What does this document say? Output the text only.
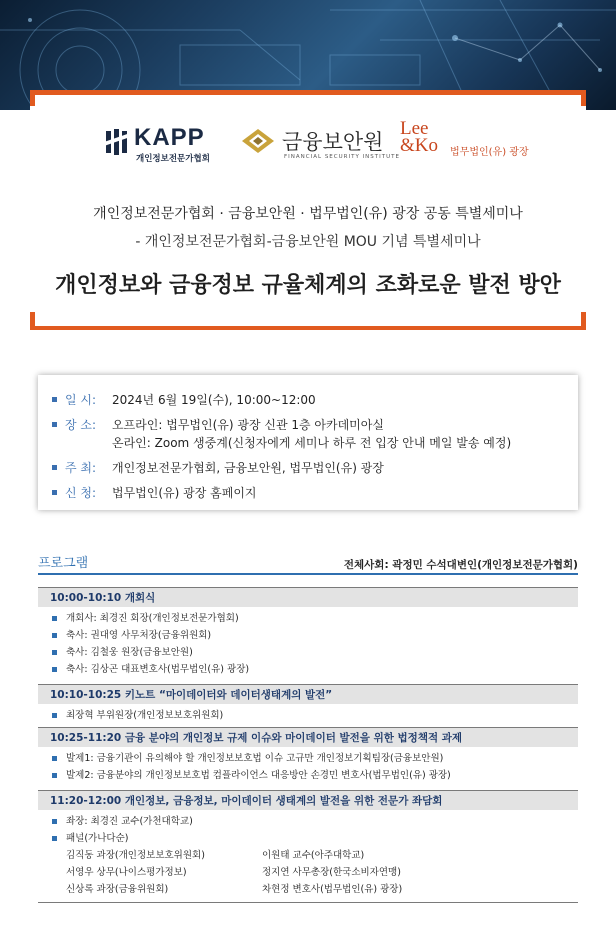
KAPP
개인정보전문가협회
금융보안원
FINANCIAL SECURITY INSTITUTE
Lee
&Ko 법무법인(유) 광장
개인정보전문가협회 · 금융보안원 · 법무법인(유) 광장 공동 특별세미나
- 개인정보전문가협회-금융보안원 MOU 기념 특별세미나
개인정보와 금융정보 규율체계의 조화로운 발전 방안
일 시: 2024년 6월 19일(수), 10:00~12:00
장 소: 오프라인: 법무법인(유) 광장 신관 1층 아카데미아실
온라인: Zoom 생중계(신청자에게 세미나 하루 전 입장 안내 메일 발송 예정)
주 최: 개인정보전문가협회, 금융보안원, 법무법인(유) 광장
신 청: 법무법인(유) 광장 홈페이지
프로그램	전체사회: 곽정민 수석대변인(개인정보전문가협회)
10:00-10:10 개회식
개회사: 최경진 회장(개인정보전문가협회)
축사: 권대영 사무처장(금융위원회)
축사: 김철웅 원장(금융보안원)
축사: 김상곤 대표변호사(법무법인(유) 광장)
10:10-10:25 키노트 “마이데이터와 데이터생태계의 발전”
최장혁 부위원장(개인정보보호위원회)
10:25-11:20 금융 분야의 개인정보 규제 이슈와 마이데이터 발전을 위한 법정책적 과제
발제1: 금융기관이 유의해야 할 개인정보보호법 이슈 고규만 개인정보기획팀장(금융보안원)
발제2: 금융분야의 개인정보보호법 컴플라이언스 대응방안 손경민 변호사(법무법인(유) 광장)
11:20-12:00 개인정보, 금융정보, 마이데이터 생태계의 발전을 위한 전문가 좌담회
좌장: 최경진 교수(가천대학교)
패널(가나다순)
김직동 과장(개인정보보호위원회)	이원태 교수(아주대학교)
서영우 상무(나이스평가정보)	정지연 사무총장(한국소비자연맹)
신상록 과장(금융위원회)	차현정 변호사(법무법인(유) 광장)
